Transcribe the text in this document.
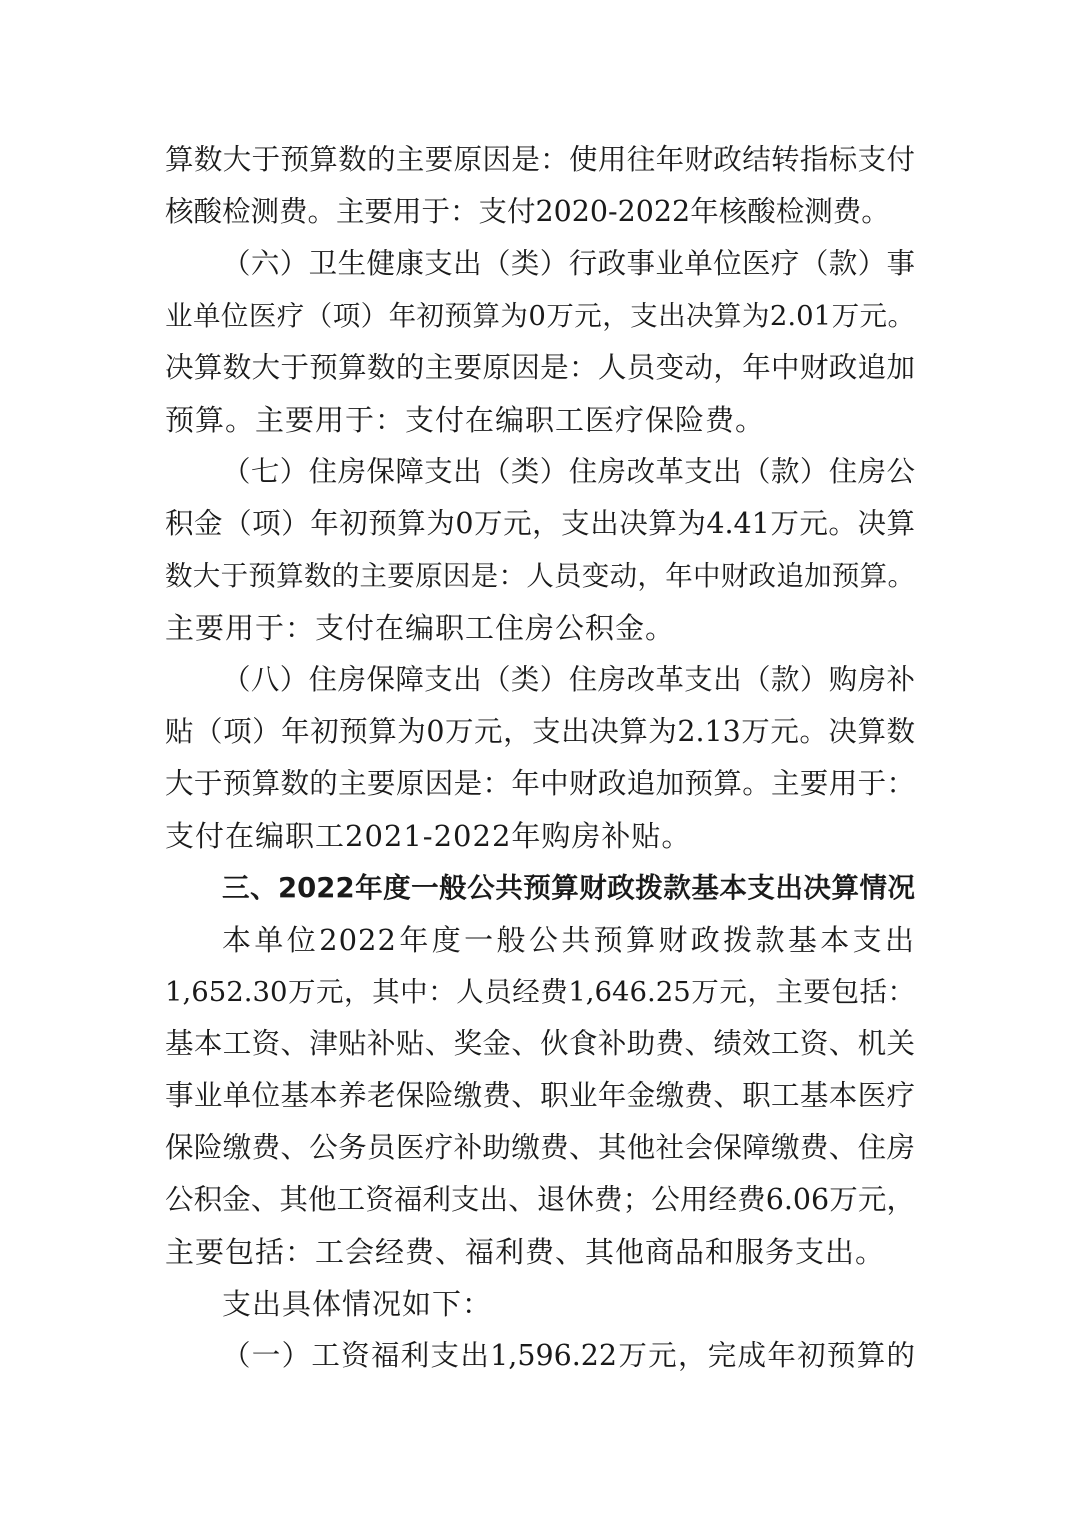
算数大于预算数的主要原因是：使用往年财政结转指标支付
核酸检测费。主要用于：支付2020-2022年核酸检测费。
（六）卫生健康支出（类）行政事业单位医疗（款）事
业单位医疗（项）年初预算为0万元，支出决算为2.01万元。
决算数大于预算数的主要原因是：人员变动，年中财政追加
预算。主要用于：支付在编职工医疗保险费。
（七）住房保障支出（类）住房改革支出（款）住房公
积金（项）年初预算为0万元，支出决算为4.41万元。决算
数大于预算数的主要原因是：人员变动，年中财政追加预算。
主要用于：支付在编职工住房公积金。
（八）住房保障支出（类）住房改革支出（款）购房补
贴（项）年初预算为0万元，支出决算为2.13万元。决算数
大于预算数的主要原因是：年中财政追加预算。主要用于：
支付在编职工2021-2022年购房补贴。
三、2022年度一般公共预算财政拨款基本支出决算情况
本单位2022年度一般公共预算财政拨款基本支出
1,652.30万元，其中：人员经费1,646.25万元，主要包括：
基本工资、津贴补贴、奖金、伙食补助费、绩效工资、机关
事业单位基本养老保险缴费、职业年金缴费、职工基本医疗
保险缴费、公务员医疗补助缴费、其他社会保障缴费、住房
公积金、其他工资福利支出、退休费；公用经费6.06万元，
主要包括：工会经费、福利费、其他商品和服务支出。
支出具体情况如下：
（一）工资福利支出1,596.22万元，完成年初预算的
